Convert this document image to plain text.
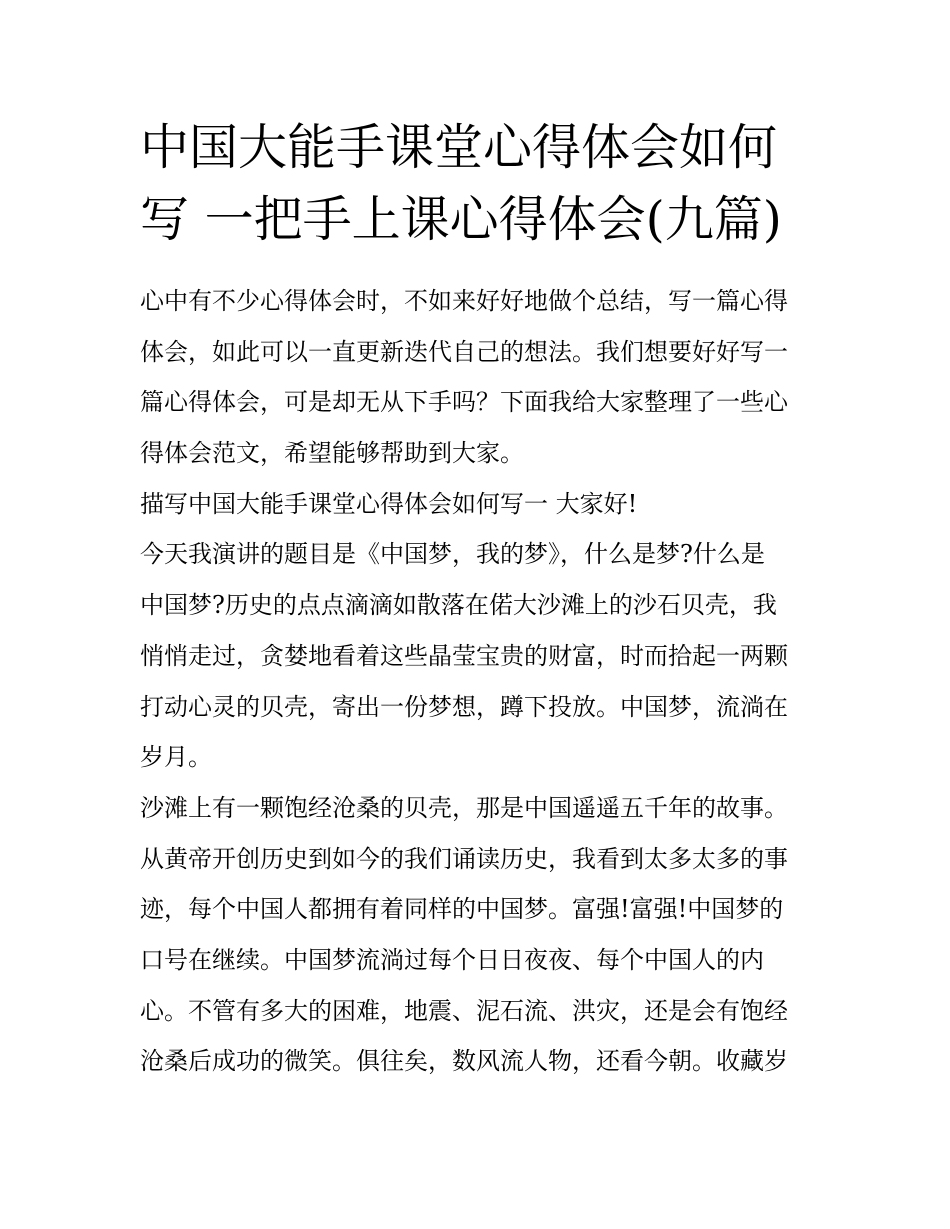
中国大能手课堂心得体会如何
写 一把手上课心得体会(九篇)
心中有不少心得体会时，不如来好好地做个总结，写一篇心得
体会，如此可以一直更新迭代自己的想法。我们想要好好写一
篇心得体会，可是却无从下手吗？下面我给大家整理了一些心
得体会范文，希望能够帮助到大家。
描写中国大能手课堂心得体会如何写一 大家好!
今天我演讲的题目是《中国梦，我的梦》，什么是梦?什么是
中国梦?历史的点点滴滴如散落在偌大沙滩上的沙石贝壳，我
悄悄走过，贪婪地看着这些晶莹宝贵的财富，时而拾起一两颗
打动心灵的贝壳，寄出一份梦想，蹲下投放。中国梦，流淌在
岁月。
沙滩上有一颗饱经沧桑的贝壳，那是中国遥遥五千年的故事。
从黄帝开创历史到如今的我们诵读历史，我看到太多太多的事
迹，每个中国人都拥有着同样的中国梦。富强!富强!中国梦的
口号在继续。中国梦流淌过每个日日夜夜、每个中国人的内
心。不管有多大的困难，地震、泥石流、洪灾，还是会有饱经
沧桑后成功的微笑。俱往矣，数风流人物，还看今朝。收藏岁
